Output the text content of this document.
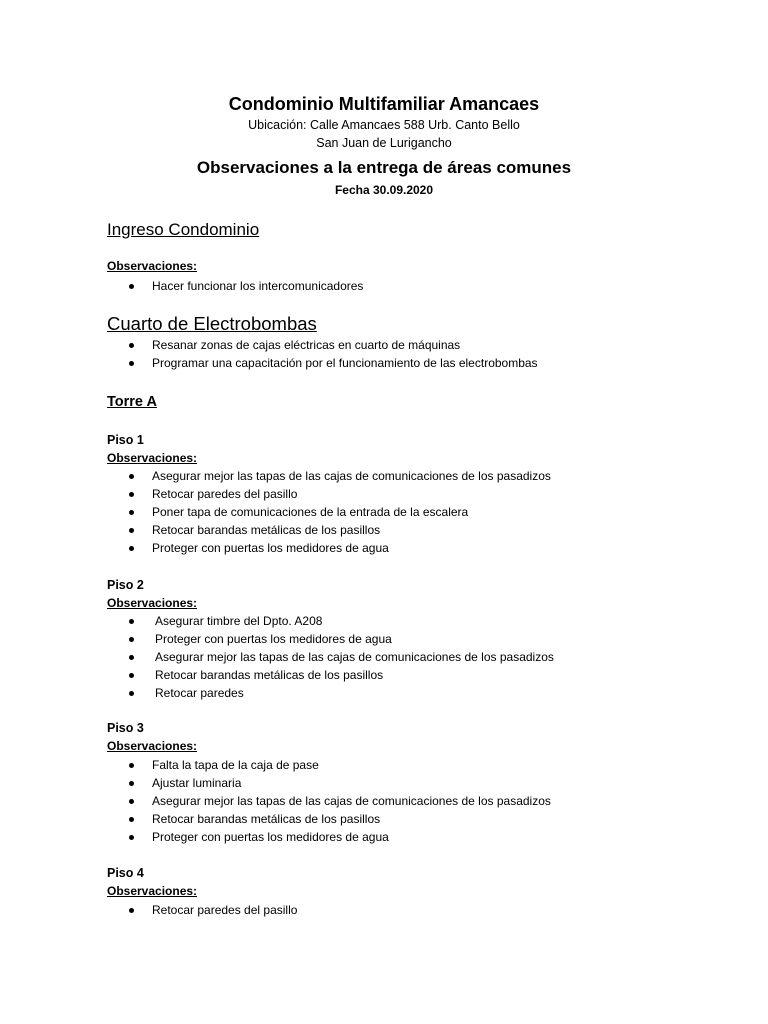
Condominio Multifamiliar Amancaes
Ubicación: Calle Amancaes 588 Urb. Canto Bello
San Juan de Lurigancho
Observaciones a la entrega de áreas comunes
Fecha 30.09.2020
Ingreso Condominio
Observaciones:
Hacer funcionar los intercomunicadores
Cuarto de Electrobombas
Resanar zonas de cajas eléctricas en cuarto de máquinas
Programar una capacitación por el funcionamiento de las electrobombas
Torre A
Piso 1
Observaciones:
Asegurar mejor las tapas de las cajas de comunicaciones de los pasadizos
Retocar paredes del pasillo
Poner tapa de comunicaciones de la entrada de la escalera
Retocar barandas metálicas de los pasillos
Proteger con puertas los medidores de agua
Piso 2
Observaciones:
Asegurar timbre del Dpto. A208
Proteger con puertas los medidores de agua
Asegurar mejor las tapas de las cajas de comunicaciones de los pasadizos
Retocar barandas metálicas de los pasillos
Retocar paredes
Piso 3
Observaciones:
Falta la tapa de la caja de pase
Ajustar luminaria
Asegurar mejor las tapas de las cajas de comunicaciones de los pasadizos
Retocar barandas metálicas de los pasillos
Proteger con puertas los medidores de agua
Piso 4
Observaciones:
Retocar paredes del pasillo
